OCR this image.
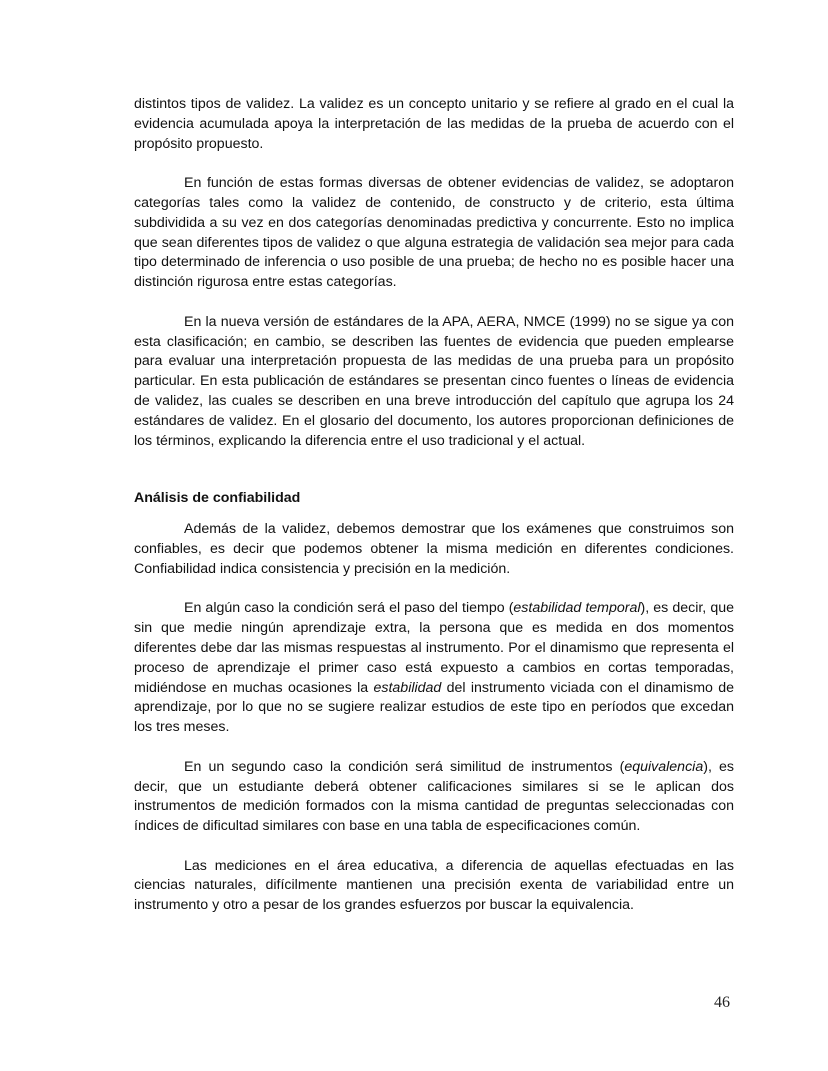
distintos tipos de validez. La validez es un concepto unitario y se refiere al grado en el cual la evidencia acumulada apoya la interpretación de las medidas de la prueba de acuerdo con el propósito propuesto.

En función de estas formas diversas de obtener evidencias de validez, se adoptaron categorías tales como la validez de contenido, de constructo y de criterio, esta última subdividida a su vez en dos categorías denominadas predictiva y concurrente. Esto no implica que sean diferentes tipos de validez o que alguna estrategia de validación sea mejor para cada tipo determinado de inferencia o uso posible de una prueba; de hecho no es posible hacer una distinción rigurosa entre estas categorías.

En la nueva versión de estándares de la APA, AERA, NMCE (1999) no se sigue ya con esta clasificación; en cambio, se describen las fuentes de evidencia que pueden emplearse para evaluar una interpretación propuesta de las medidas de una prueba para un propósito particular. En esta publicación de estándares se presentan cinco fuentes o líneas de evidencia de validez, las cuales se describen en una breve introducción del capítulo que agrupa los 24 estándares de validez. En el glosario del documento, los autores proporcionan definiciones de los términos, explicando la diferencia entre el uso tradicional y el actual.

Análisis de confiabilidad

Además de la validez, debemos demostrar que los exámenes que construimos son confiables, es decir que podemos obtener la misma medición en diferentes condiciones. Confiabilidad indica consistencia y precisión en la medición.

En algún caso la condición será el paso del tiempo (estabilidad temporal), es decir, que sin que medie ningún aprendizaje extra, la persona que es medida en dos momentos diferentes debe dar las mismas respuestas al instrumento. Por el dinamismo que representa el proceso de aprendizaje el primer caso está expuesto a cambios en cortas temporadas, midiéndose en muchas ocasiones la estabilidad del instrumento viciada con el dinamismo de aprendizaje, por lo que no se sugiere realizar estudios de este tipo en períodos que excedan los tres meses.

En un segundo caso la condición será similitud de instrumentos (equivalencia), es decir, que un estudiante deberá obtener calificaciones similares si se le aplican dos instrumentos de medición formados con la misma cantidad de preguntas seleccionadas con índices de dificultad similares con base en una tabla de especificaciones común.

Las mediciones en el área educativa, a diferencia de aquellas efectuadas en las ciencias naturales, difícilmente mantienen una precisión exenta de variabilidad entre un instrumento y otro a pesar de los grandes esfuerzos por buscar la equivalencia.

46
